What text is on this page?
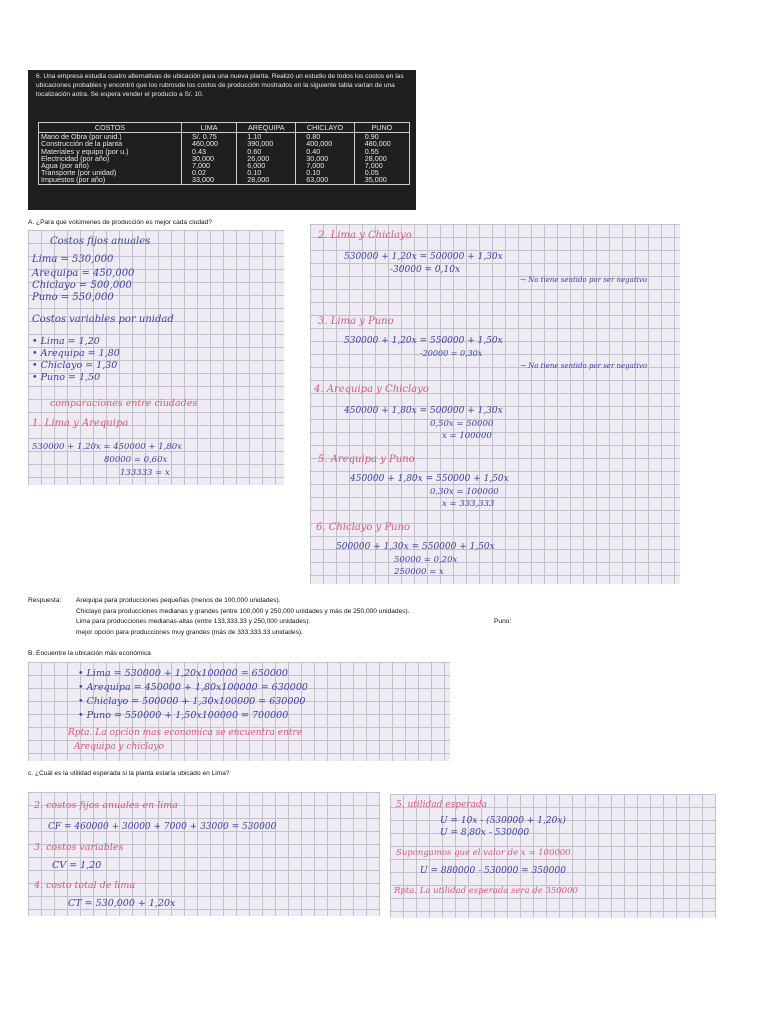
6. Una empresa estudia cuatro alternativas de ubicación para una nueva planta. Realizó un estudio de todos los costos en las ubicaciones probables y encontró que los rubrosde los costos de producción mostrados en la siguiente tabla varían de una localización aotra. Se espera vender el producto a S/. 10.
COSTOS	LIMA	AREQUIPA	CHICLAYO	PUNO
Mano de Obra (por unid.)	S/. 0.75	1.10	0.80	0.90
Construcción de la planta	460,000	390,000	400,000	480,000
Materiales y equipo (por u.)	0.43	0.60	0.40	0.55
Electricidad (por año)	30,000	26,000	30,000	28,000
Agua (por año)	7,000	6,000	7,000	7,000
Transporte (por unidad)	0.02	0.10	0.10	0.05
Impuestos (por año)	33,000	28,000	63,000	35,000
A. ¿Para que volúmenes de producción es mejor cada ciudad?
Costos fijos anuales
Lima = 530,000
Arequipa = 450,000
Chiclayo = 500,000
Puno = 550,000
Costos variables por unidad
• Lima = 1,20
• Arequipa = 1,80
• Chiclayo = 1,30
• Puno = 1,50
comparaciones entre ciudades
1. Lima y Arequipa
530000 + 1,20x = 450000 + 1,80x
80000 = 0,60x
133333 = x
2. Lima y Chiclayo
530000 + 1,20x = 500000 + 1,30x
-30000 = 0,10x
→ No tiene sentido por ser negativo
3. Lima y Puno
530000 + 1,20x = 550000 + 1,50x
-20000 = 0,30x
→ No tiene sentido por ser negativo
4. Arequipa y Chiclayo
450000 + 1,80x = 500000 + 1,30x
0,50x = 50000
x = 100000
5. Arequipa y Puno
450000 + 1,80x = 550000 + 1,50x
0,30x = 100000
x = 333,333
6. Chiclayo y Puno
500000 + 1,30x = 550000 + 1,50x
50000 = 0,20x
250000 = x
Respuesta: Arequipa para producciones pequeñas (menos de 100,000 unidades).
Chiclayo para producciones medianas y grandes (entre 100,000 y 250,000 unidades y más de 250,000 unidades).
Lima para producciones medianas-altas (entre 133,333.33 y 250,000 unidades).
mejor opción para producciones muy grandes (más de 333,333.33 unidades).
Puno:
B. Encuentre la ubicación más económica
• Lima = 530000 + 1,20x100000 = 650000
• Arequipa = 450000 + 1,80x100000 = 630000
• Chiclayo = 500000 + 1,30x100000 = 630000
• Puno = 550000 + 1,50x100000 = 700000
Rpta. La opción mas economica se encuentra entre
Arequipa y chiclayo
c. ¿Cuál es la utilidad esperada si la planta estaría ubicado en Lima?
2. costos fijos anuales en lima
CF = 460000 + 30000 + 7000 + 33000 = 530000
3. costos variables
CV = 1,20
4. costo total de lima
CT = 530,000 + 1,20x
5. utilidad esperada
U = 10x - (530000 + 1,20x)
U = 8,80x - 530000
Supongamos que el valor de x = 100000
U = 880000 - 530000 = 350000
Rpta. La utilidad esperada sera de 350000
